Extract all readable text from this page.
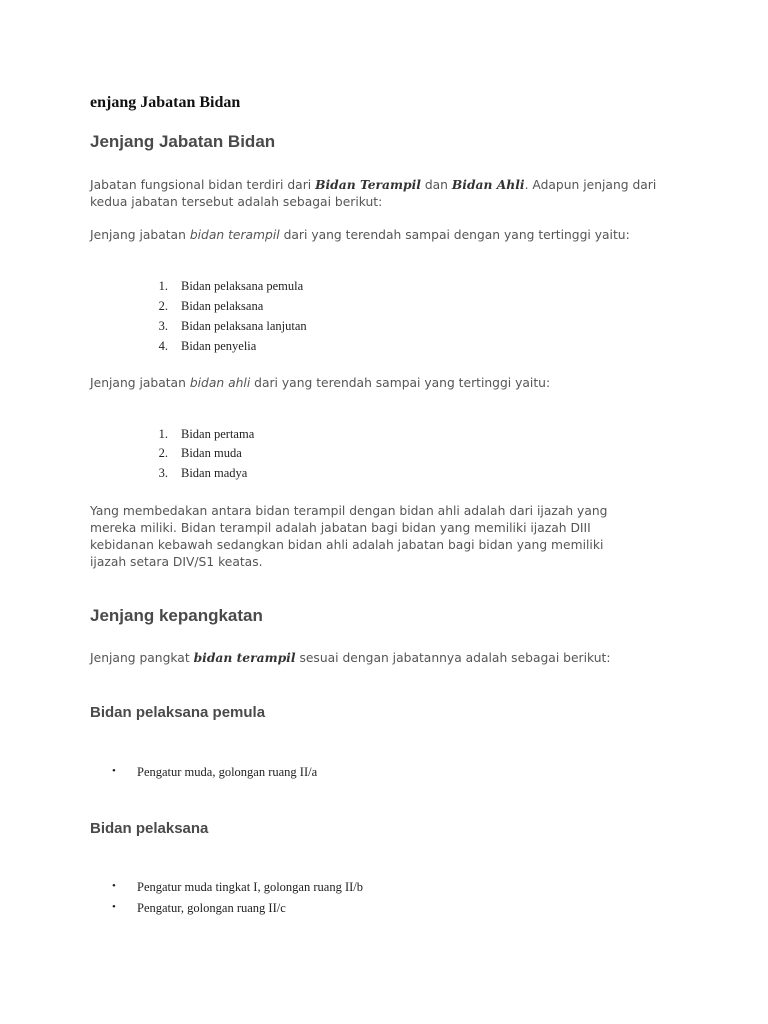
enjang Jabatan Bidan

Jenjang Jabatan Bidan

Jabatan fungsional bidan terdiri dari Bidan Terampil dan Bidan Ahli. Adapun jenjang dari kedua jabatan tersebut adalah sebagai berikut:

Jenjang jabatan bidan terampil dari yang terendah sampai dengan yang tertinggi yaitu:

1. Bidan pelaksana pemula
2. Bidan pelaksana
3. Bidan pelaksana lanjutan
4. Bidan penyelia

Jenjang jabatan bidan ahli dari yang terendah sampai yang tertinggi yaitu:

1. Bidan pertama
2. Bidan muda
3. Bidan madya

Yang membedakan antara bidan terampil dengan bidan ahli adalah dari ijazah yang

mereka miliki. Bidan terampil adalah jabatan bagi bidan yang memiliki ijazah DIII

kebidanan kebawah sedangkan bidan ahli adalah jabatan bagi bidan yang memiliki

ijazah setara DIV/S1 keatas.

Jenjang kepangkatan

Jenjang pangkat bidan terampil sesuai dengan jabatannya adalah sebagai berikut:

Bidan pelaksana pemula

• Pengatur muda, golongan ruang II/a

Bidan pelaksana

• Pengatur muda tingkat I, golongan ruang II/b
• Pengatur, golongan ruang II/c
